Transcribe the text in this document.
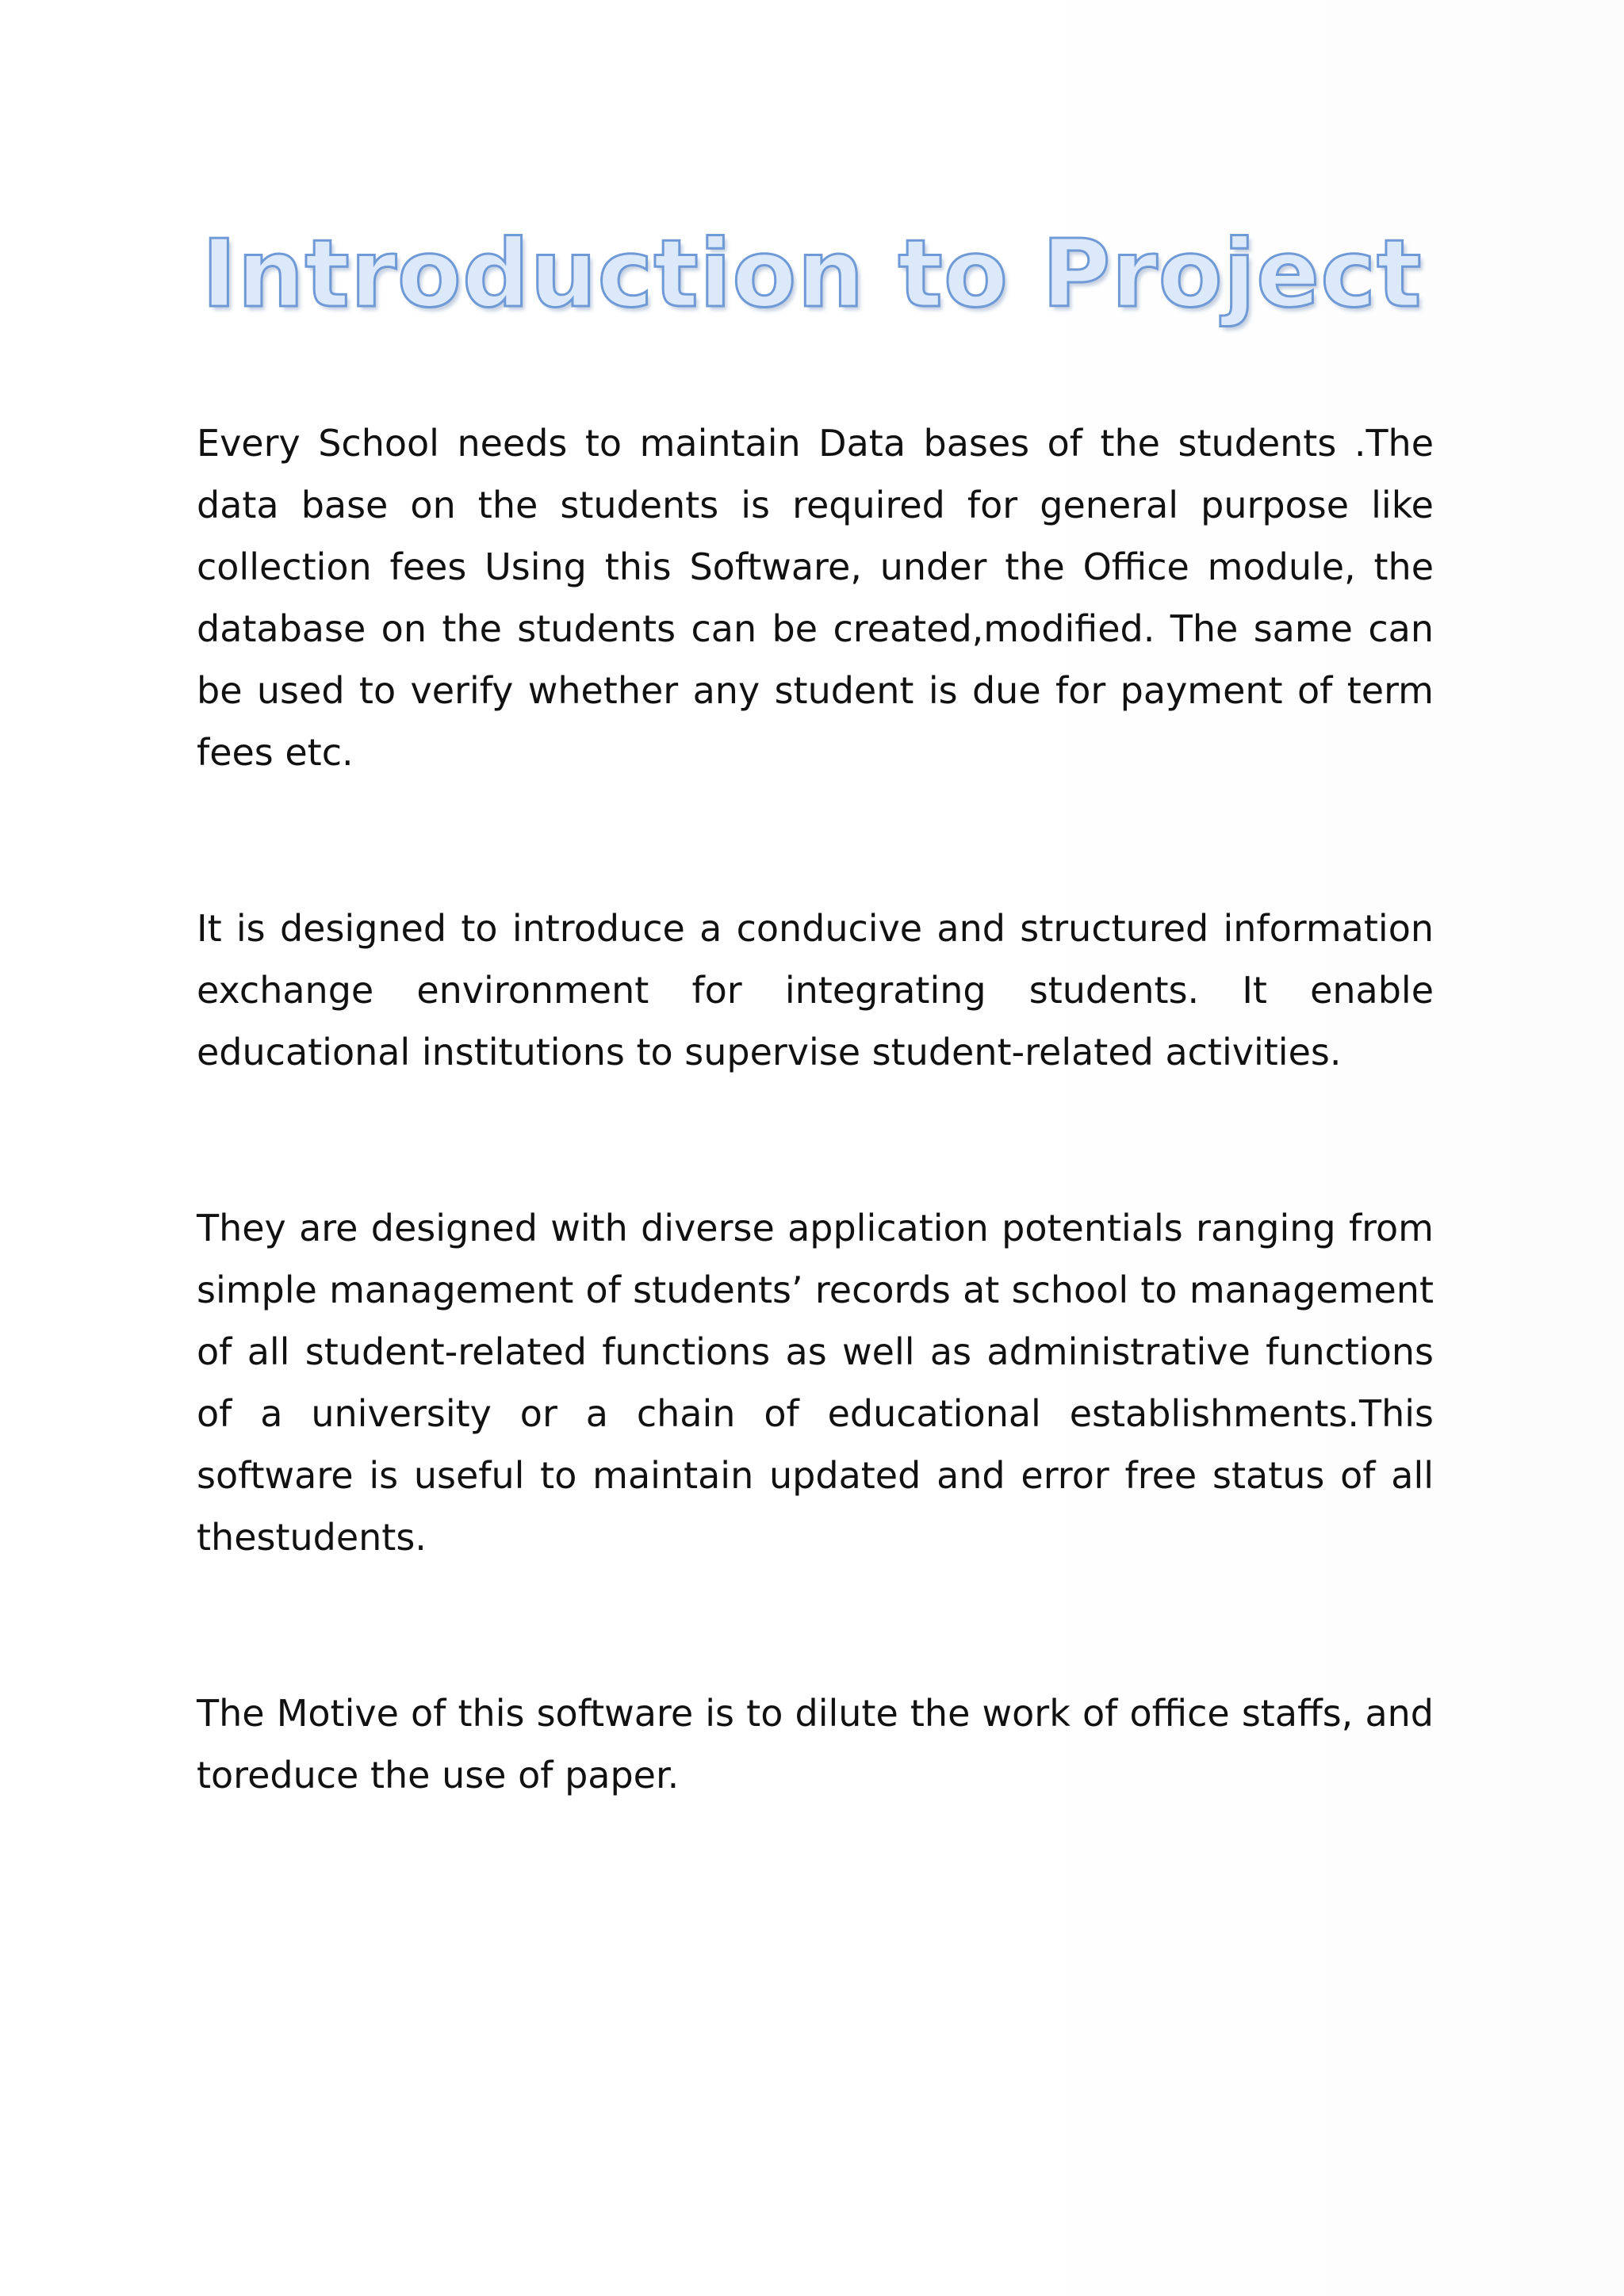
Introduction to Project

Every School needs to maintain Data bases of the students .The data base on the students is required for general purpose like collection fees Using this Software, under the Office module, the database on the students can be created,modified. The same can be used to verify whether any student is due for payment of term fees etc.

It is designed to introduce a conducive and structured information exchange environment for integrating students. It enable educational institutions to supervise student-related activities.

They are designed with diverse application potentials ranging from simple management of students’ records at school to management of all student-related functions as well as administrative functions of a university or a chain of educational establishments.This software is useful to maintain updated and error free status of all thestudents.

The Motive of this software is to dilute the work of office staffs, and toreduce the use of paper.
